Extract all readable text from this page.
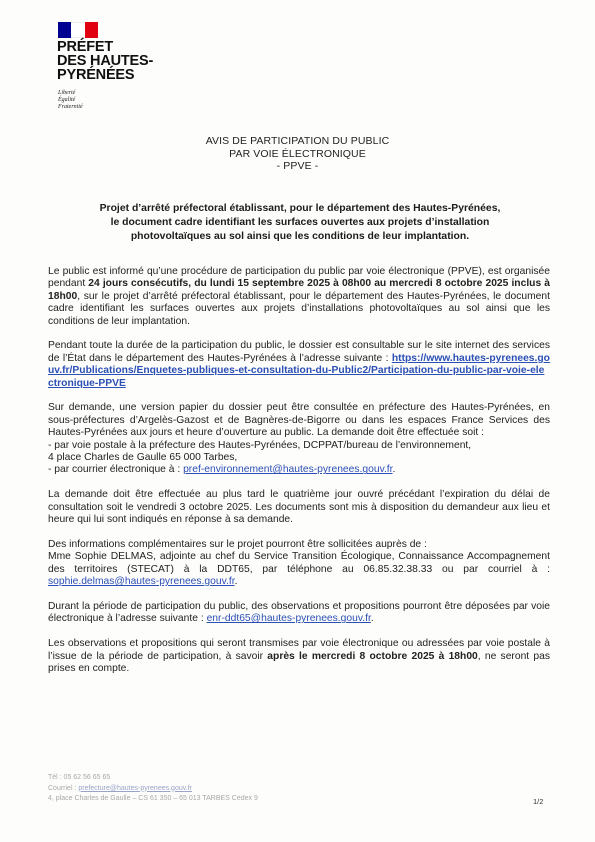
PRÉFET
DES HAUTES-
PYRÉNÉES
Liberté
Égalité
Fraternité
AVIS DE PARTICIPATION DU PUBLIC
PAR VOIE ÉLECTRONIQUE
- PPVE -
Projet d’arrêté préfectoral établissant, pour le département des Hautes-Pyrénées,
le document cadre identifiant les surfaces ouvertes aux projets d’installation
photovoltaïques au sol ainsi que les conditions de leur implantation.

Le public est informé qu’une procédure de participation du public par voie électronique (PPVE), est organisée pendant 24 jours consécutifs, du lundi 15 septembre 2025 à 08h00 au mercredi 8 octobre 2025 inclus à 18h00, sur le projet d’arrêté préfectoral établissant, pour le département des Hautes-Pyrénées, le document cadre identifiant les surfaces ouvertes aux projets d’installations photovoltaïques au sol ainsi que les conditions de leur implantation.

Pendant toute la durée de la participation du public, le dossier est consultable sur le site internet des services de l’État dans le département des Hautes-Pyrénées à l’adresse suivante : https://www.hautes-pyrenees.gouv.fr/Publications/Enquetes-publiques-et-consultation-du-Public2/Participation-du-public-par-voie-electronique-PPVE

Sur demande, une version papier du dossier peut être consultée en préfecture des Hautes-Pyrénées, en sous-préfectures d’Argelès-Gazost et de Bagnères-de-Bigorre ou dans les espaces France Services des Hautes-Pyrénées aux jours et heure d’ouverture au public. La demande doit être effectuée soit :
- par voie postale à la préfecture des Hautes-Pyrénées, DCPPAT/bureau de l’environnement,
4 place Charles de Gaulle 65 000 Tarbes,
- par courrier électronique à : pref-environnement@hautes-pyrenees.gouv.fr.

La demande doit être effectuée au plus tard le quatrième jour ouvré précédant l’expiration du délai de consultation soit le vendredi 3 octobre 2025. Les documents sont mis à disposition du demandeur aux lieu et heure qui lui sont indiqués en réponse à sa demande.

Des informations complémentaires sur le projet pourront être sollicitées auprès de :
Mme Sophie DELMAS, adjointe au chef du Service Transition Écologique, Connaissance Accompagnement des territoires (STECAT) à la DDT65, par téléphone au 06.85.32.38.33 ou par courriel à : sophie.delmas@hautes-pyrenees.gouv.fr.

Durant la période de participation du public, des observations et propositions pourront être déposées par voie électronique à l’adresse suivante : enr-ddt65@hautes-pyrenees.gouv.fr.

Les observations et propositions qui seront transmises par voie électronique ou adressées par voie postale à l’issue de la période de participation, à savoir après le mercredi 8 octobre 2025 à 18h00, ne seront pas prises en compte.

Tél : 05 62 56 65 65
Courriel : prefecture@hautes-pyrenees.gouv.fr
4, place Charles de Gaulle – CS 61 350 – 65 013 TARBES Cedex 9	1/2
